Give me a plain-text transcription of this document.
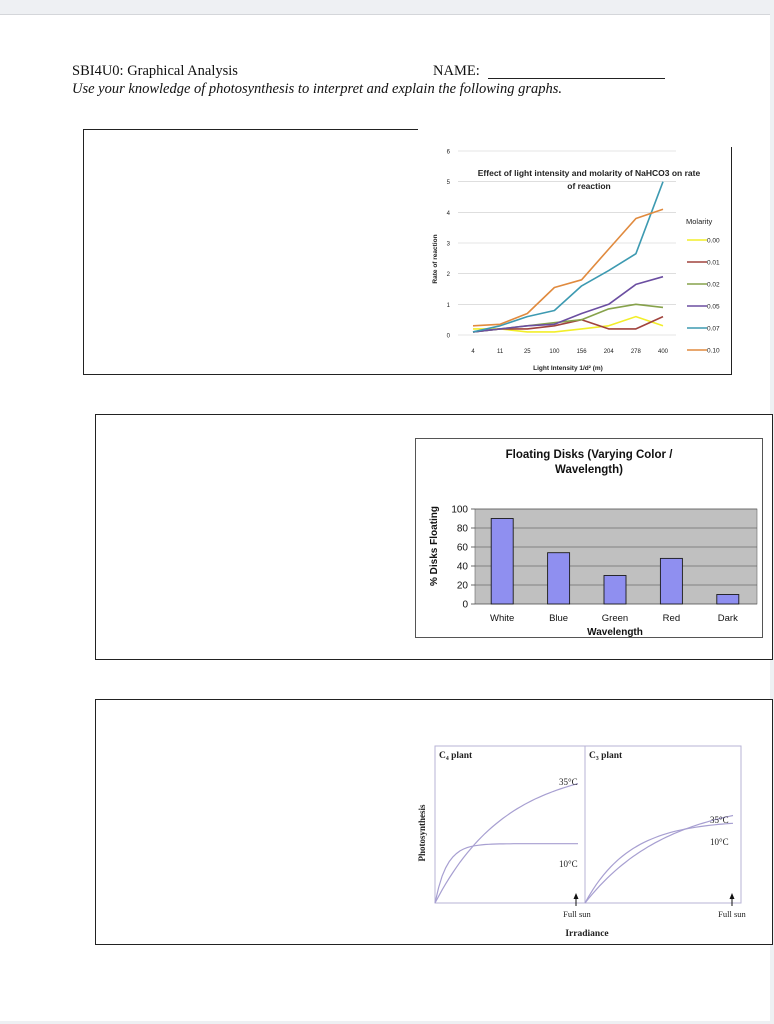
SBI4U0: Graphical Analysis	NAME:
Use your knowledge of photosynthesis to interpret and explain the following graphs.
0
1
2
3
4
5
6
4	11	25	100	156	204	278	400
Effect of light intensity and molarity of NaHCO3 on rate
of reaction
Light Intensity 1/d² (m)
Rate of reaction
Molarity
0.00
0.01
0.02
0.05
0.07
0.10
Floating Disks (Varying Color /
Wavelength)
0
20
40
60
80
100
White	Blue	Green	Red	Dark
Wavelength
% Disks Floating
C₄ plant	C₃ plant
35°C
10°C
35°C
10°C
Full sun	Full sun
Irradiance
Photosynthesis
